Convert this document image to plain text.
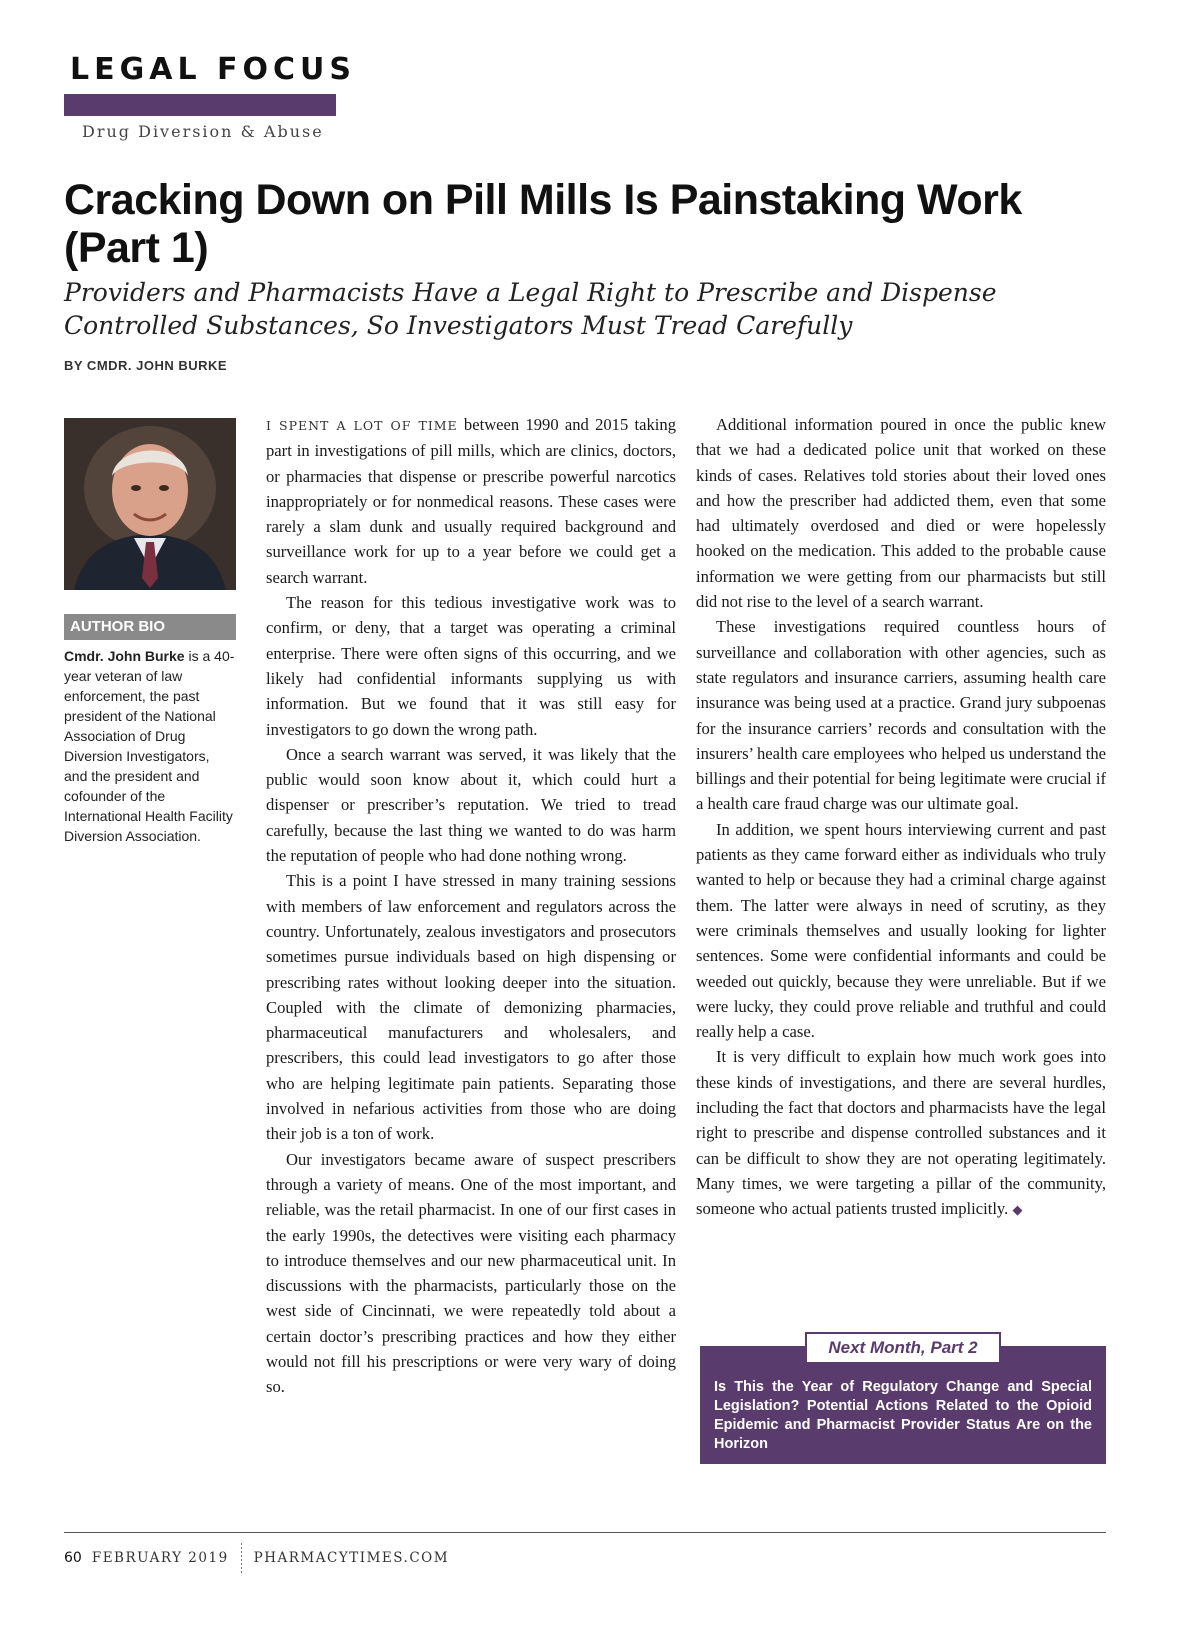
LEGAL FOCUS
Drug Diversion & Abuse
Cracking Down on Pill Mills Is Painstaking Work (Part 1)

Providers and Pharmacists Have a Legal Right to Prescribe and Dispense Controlled Substances, So Investigators Must Tread Carefully

BY CMDR. JOHN BURKE
AUTHOR BIO
Cmdr. John Burke is a 40-year veteran of law enforcement, the past president of the National Association of Drug Diversion Investigators, and the president and cofounder of the International Health Facility Diversion Association.

I SPENT A LOT OF TIME between 1990 and 2015 taking part in investigations of pill mills, which are clinics, doctors, or pharmacies that dispense or prescribe powerful narcotics inappropriately or for nonmedical reasons. These cases were rarely a slam dunk and usually required background and surveillance work for up to a year before we could get a search warrant.

The reason for this tedious investigative work was to confirm, or deny, that a target was operating a criminal enterprise. There were often signs of this occurring, and we likely had confidential informants supplying us with information. But we found that it was still easy for investigators to go down the wrong path.

Once a search warrant was served, it was likely that the public would soon know about it, which could hurt a dispenser or prescriber’s reputation. We tried to tread carefully, because the last thing we wanted to do was harm the reputation of people who had done nothing wrong.

This is a point I have stressed in many training sessions with members of law enforcement and regulators across the country. Unfortunately, zealous investigators and prosecutors sometimes pursue individuals based on high dispensing or prescribing rates without looking deeper into the situation. Coupled with the climate of demonizing pharmacies, pharmaceutical manufacturers and wholesalers, and prescribers, this could lead investigators to go after those who are helping legitimate pain patients. Separating those involved in nefarious activities from those who are doing their job is a ton of work.

Our investigators became aware of suspect prescribers through a variety of means. One of the most important, and reliable, was the retail pharmacist. In one of our first cases in the early 1990s, the detectives were visiting each pharmacy to introduce themselves and our new pharmaceutical unit. In discussions with the pharmacists, particularly those on the west side of Cincinnati, we were repeatedly told about a certain doctor’s prescribing practices and how they either would not fill his prescriptions or were very wary of doing so.

Additional information poured in once the public knew that we had a dedicated police unit that worked on these kinds of cases. Relatives told stories about their loved ones and how the prescriber had addicted them, even that some had ultimately overdosed and died or were hopelessly hooked on the medication. This added to the probable cause information we were getting from our pharmacists but still did not rise to the level of a search warrant.

These investigations required countless hours of surveillance and collaboration with other agencies, such as state regulators and insurance carriers, assuming health care insurance was being used at a practice. Grand jury subpoenas for the insurance carriers’ records and consultation with the insurers’ health care employees who helped us understand the billings and their potential for being legitimate were crucial if a health care fraud charge was our ultimate goal.

In addition, we spent hours interviewing current and past patients as they came forward either as individuals who truly wanted to help or because they had a criminal charge against them. The latter were always in need of scrutiny, as they were criminals themselves and usually looking for lighter sentences. Some were confidential informants and could be weeded out quickly, because they were unreliable. But if we were lucky, they could prove reliable and truthful and could really help a case.

It is very difficult to explain how much work goes into these kinds of investigations, and there are several hurdles, including the fact that doctors and pharmacists have the legal right to prescribe and dispense controlled substances and it can be difficult to show they are not operating legitimately. Many times, we were targeting a pillar of the community, someone who actual patients trusted implicitly. ◆

Next Month, Part 2
Is This the Year of Regulatory Change and Special Legislation? Potential Actions Related to the Opioid Epidemic and Pharmacist Provider Status Are on the Horizon
60 FEBRUARY 2019 PHARMACYTIMES.COM
